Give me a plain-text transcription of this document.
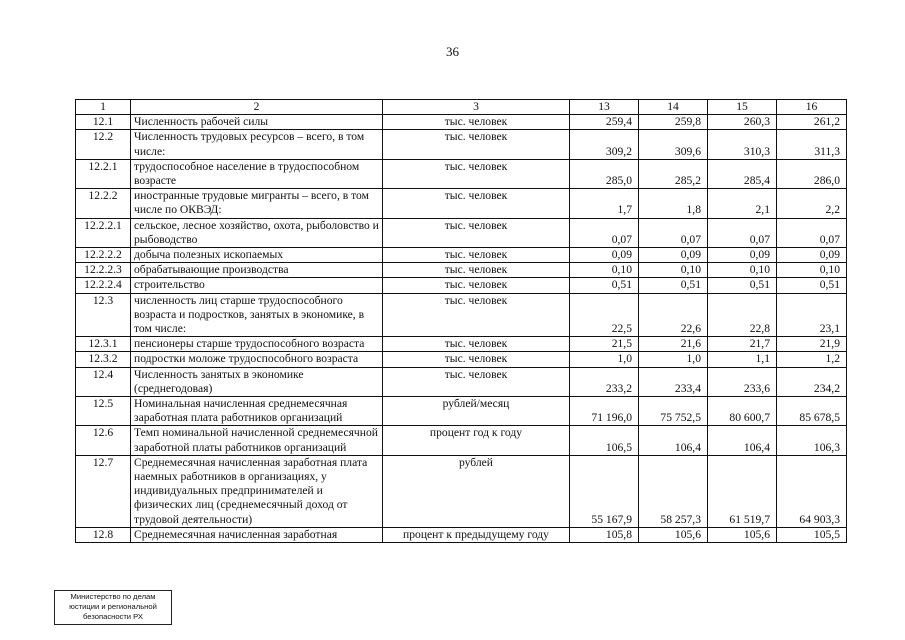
36
1	2	3	13	14	15	16
12.1	Численность рабочей силы	тыс. человек	259,4	259,8	260,3	261,2
12.2	Численность трудовых ресурсов – всего, в том числе:	тыс. человек	309,2	309,6	310,3	311,3
12.2.1	трудоспособное население в трудоспособном возрасте	тыс. человек	285,0	285,2	285,4	286,0
12.2.2	иностранные трудовые мигранты – всего, в том числе по ОКВЭД:	тыс. человек	1,7	1,8	2,1	2,2
12.2.2.1	сельское, лесное хозяйство, охота, рыболовство и рыбоводство	тыс. человек	0,07	0,07	0,07	0,07
12.2.2.2	добыча полезных ископаемых	тыс. человек	0,09	0,09	0,09	0,09
12.2.2.3	обрабатывающие производства	тыс. человек	0,10	0,10	0,10	0,10
12.2.2.4	строительство	тыс. человек	0,51	0,51	0,51	0,51
12.3	численность лиц старше трудоспособного возраста и подростков, занятых в экономике, в том числе:	тыс. человек	22,5	22,6	22,8	23,1
12.3.1	пенсионеры старше трудоспособного возраста	тыс. человек	21,5	21,6	21,7	21,9
12.3.2	подростки моложе трудоспособного возраста	тыс. человек	1,0	1,0	1,1	1,2
12.4	Численность занятых в экономике (среднегодовая)	тыс. человек	233,2	233,4	233,6	234,2
12.5	Номинальная начисленная среднемесячная заработная плата работников организаций	рублей/месяц	71 196,0	75 752,5	80 600,7	85 678,5
12.6	Темп номинальной начисленной среднемесячной заработной платы работников организаций	процент год к году	106,5	106,4	106,4	106,3
12.7	Среднемесячная начисленная заработная плата наемных работников в организациях, у индивидуальных предпринимателей и физических лиц (среднемесячный доход от трудовой деятельности)	рублей	55 167,9	58 257,3	61 519,7	64 903,3
12.8	Среднемесячная начисленная заработная	процент к предыдущему году	105,8	105,6	105,6	105,5
Министерство по делам
юстиции и региональной
безопасности РХ
